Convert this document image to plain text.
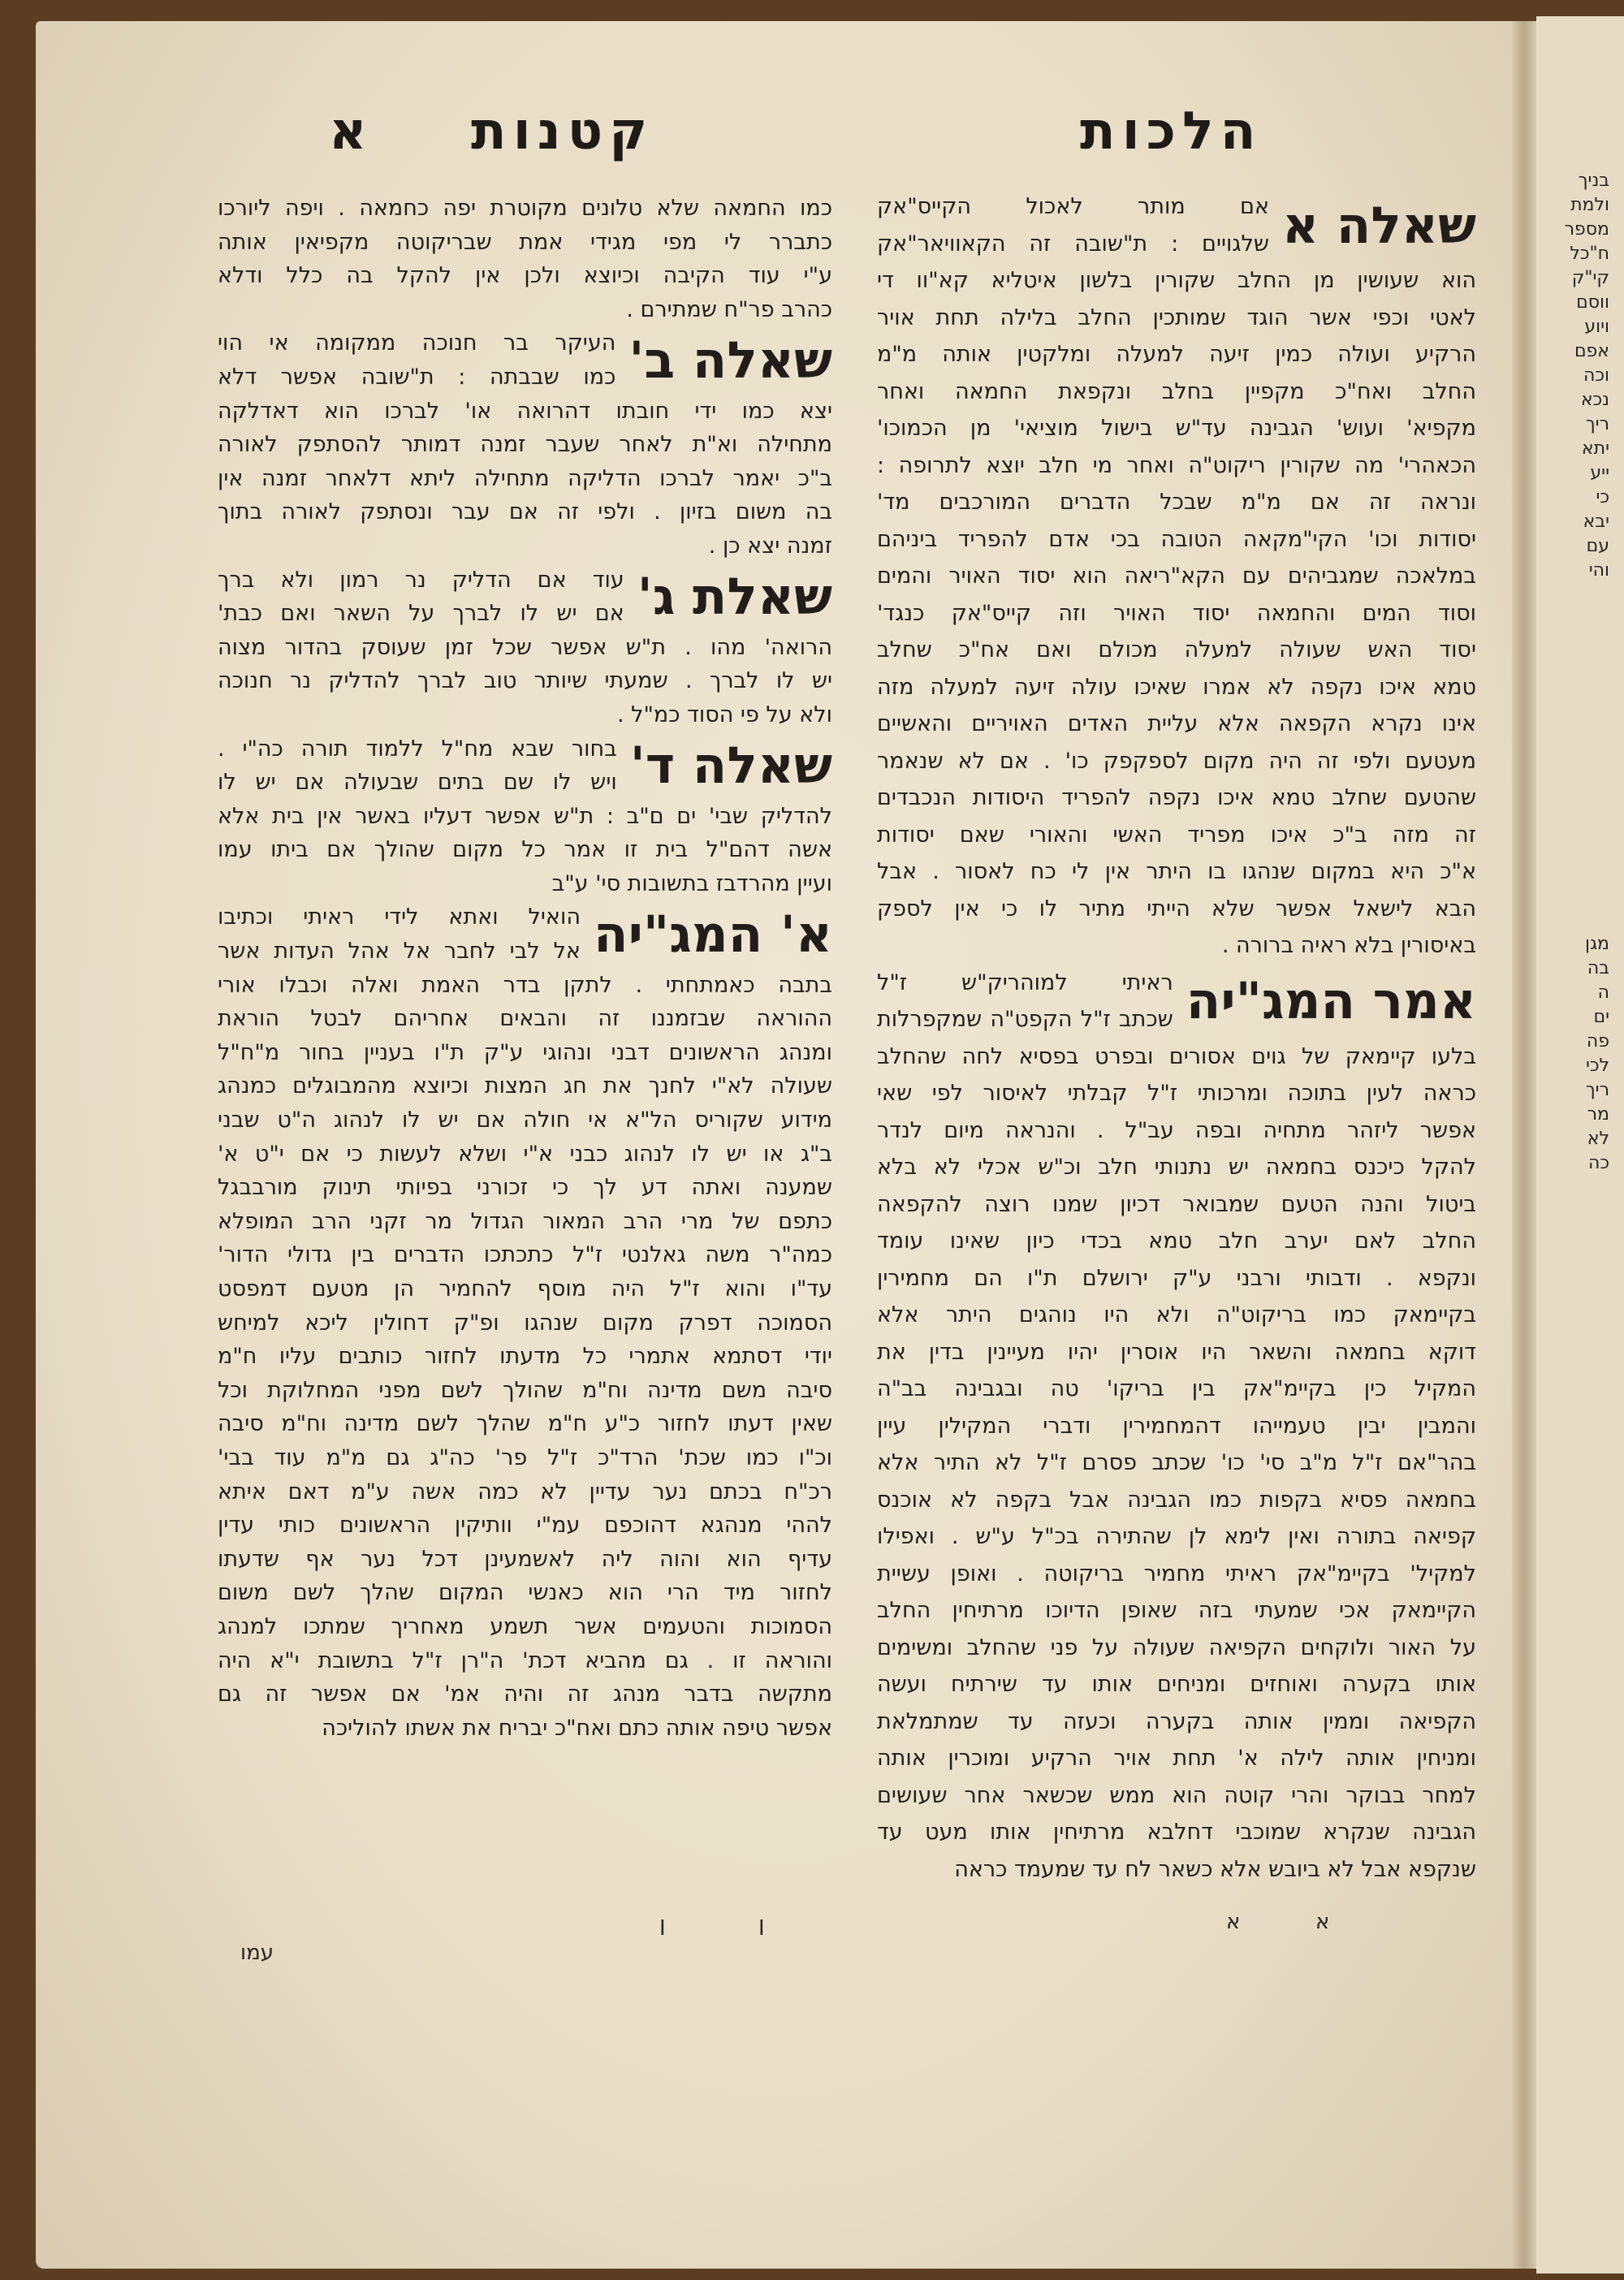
בניך
ולמת
מספר
ח"כל
קי"ק
ווסם
ויוע
אפם
וכה
נכא
ריך
יתא
ייע
כי
יבא
עם
והי
מגן
בה
ה
ים
פה
לכי
ריך
מר
לא
כה
הלכות
קטנות
א
שאלה א
אם מותר לאכול הקייס"אק
שלגויים : ת"שובה זה הקאוויאר"אק
הוא שעושין מן החלב שקורין בלשון איטליא קא"וו די
לאטי וכפי אשר הוגד שמותכין החלב בלילה תחת אויר
הרקיע ועולה כמין זיעה למעלה ומלקטין אותה מ"מ
החלב ואח"כ מקפיין בחלב ונקפאת החמאה ואחר
מקפיא' ועוש' הגבינה עד"ש בישול מוציאי' מן הכמוכו'
הכאהרי' מה שקורין ריקוט"ה ואחר מי חלב יוצא לתרופה :
ונראה זה אם מ"מ שבכל הדברים המורכבים מד'
יסודות וכו' הקי"מקאה הטובה בכי אדם להפריד ביניהם
במלאכה שמגביהים עם הקא"ריאה הוא יסוד האויר והמים
וסוד המים והחמאה יסוד האויר וזה קייס"אק כנגד'
יסוד האש שעולה למעלה מכולם ואם אח"כ שחלב
טמא איכו נקפה לא אמרו שאיכו עולה זיעה למעלה מזה
אינו נקרא הקפאה אלא עליית האדים האויריים והאשיים
מעטעם ולפי זה היה מקום לספקפק כו' . אם לא שנאמר
שהטעם שחלב טמא איכו נקפה להפריד היסודות הנכבדים
זה מזה ב"כ איכו מפריד האשי והאורי שאם יסודות
א"כ היא במקום שנהגו בו היתר אין לי כח לאסור . אבל
הבא לישאל אפשר שלא הייתי מתיר לו כי אין לספק
באיסורין בלא ראיה ברורה .
אמר המג"יה
ראיתי למוהריק"ש ז"ל
שכתב ז"ל הקפט"ה שמקפרלות
בלעו קיימאק של גוים אסורים ובפרט בפסיא לחה שהחלב
כראה לעין בתוכה ומרכותי ז"ל קבלתי לאיסור לפי שאי
אפשר ליזהר מתחיה ובפה עב"ל . והנראה מיום לנדר
להקל כיכנס בחמאה יש נתנותי חלב וכ"ש אכלי לא בלא
ביטול והנה הטעם שמבואר דכיון שמנו רוצה להקפאה
החלב לאם יערב חלב טמא בכדי כיון שאינו עומד
ונקפא . ודבותי ורבני ע"ק ירושלם ת"ו הם מחמירין
בקיימאק כמו בריקוט"ה ולא היו נוהגים היתר אלא
דוקא בחמאה והשאר היו אוסרין יהיו מעיינין בדין את
המקיל כין בקיימ"אק בין בריקו' טה ובגבינה בב"ה
והמבין יבין טעמייהו דהמחמירין ודברי המקילין עיין
בהר"אם ז"ל מ"ב סי' כו' שכתב פסרם ז"ל לא התיר אלא
בחמאה פסיא בקפות כמו הגבינה אבל בקפה לא אוכנס
קפיאה בתורה ואין לימא לן שהתירה בכ"ל ע"ש . ואפילו
למקיל' בקיימ"אק ראיתי מחמיר בריקוטה . ואופן עשיית
הקיימאק אכי שמעתי בזה שאופן הדיוכו מרתיחין החלב
על האור ולוקחים הקפיאה שעולה על פני שהחלב ומשימים
אותו בקערה ואוחזים ומניחים אותו עד שירתיח ועשה
הקפיאה וממין אותה בקערה וכעזה עד שמתמלאת
ומניחין אותה לילה א' תחת אויר הרקיע ומוכרין אותה
למחר בבוקר והרי קוטה הוא ממש שכשאר אחר שעושים
הגבינה שנקרא שמוכבי דחלבא מרתיחין אותו מעט עד
שנקפא אבל לא ביובש אלא כשאר לח עד שמעמד כראה
כמו החמאה שלא טלונים מקוטרת יפה כחמאה . ויפה ליורכו
כתברר לי מפי מגידי אמת שבריקוטה מקפיאין אותה
ע"י עוד הקיבה וכיוצא ולכן אין להקל בה כלל ודלא
כהרב פר"ח שמתירם .
שאלה ב'
העיקר בר חנוכה ממקומה אי הוי
כמו שבבתה : ת"שובה אפשר דלא
יצא כמו ידי חובתו דהרואה או' לברכו הוא דאדלקה
מתחילה וא"ת לאחר שעבר זמנה דמותר להסתפק לאורה
ב"כ יאמר לברכו הדליקה מתחילה ליתא דלאחר זמנה אין
בה משום בזיון . ולפי זה אם עבר ונסתפק לאורה בתוך
זמנה יצא כן .
שאלת ג'
עוד אם הדליק נר רמון ולא ברך
אם יש לו לברך על השאר ואם כבת'
הרואה' מהו . ת"ש אפשר שכל זמן שעוסק בהדור מצוה
יש לו לברך . שמעתי שיותר טוב לברך להדליק נר חנוכה
ולא על פי הסוד כמ"ל .
שאלה ד'
בחור שבא מח"ל ללמוד תורה כה"י .
ויש לו שם בתים שבעולה אם יש לו
להדליק שבי' ים ם"ב : ת"ש אפשר דעליו באשר אין בית אלא
אשה דהם"ל בית זו אמר כל מקום שהולך אם ביתו עמו
ועיין מהרדבז בתשובות סי' ע"ב
א' המג"יה
הואיל ואתא לידי ראיתי וכתיבו
אל לבי לחבר אל אהל העדות אשר
בתבה כאמתחתי . לתקן בדר האמת ואלה וכבלו אורי
ההוראה שבזמננו זה והבאים אחריהם לבטל הוראת
ומנהג הראשונים דבני ונהוגי ע"ק ת"ו בעניין בחור מ"ח"ל
שעולה לא"י לחנך את חג המצות וכיוצא מהמבוגלים כמנהג
מידוע שקוריס הל"א אי חולה אם יש לו לנהוג ה"ט שבני
ב"ג או יש לו לנהוג כבני א"י ושלא לעשות כי אם י"ט א'
שמענה ואתה דע לך כי זכורני בפיותי תינוק מורבבגל
כתפם של מרי הרב המאור הגדול מר זקני הרב המופלא
כמה"ר משה גאלנטי ז"ל כתכתכו הדברים בין גדולי הדור'
עד"ו והוא ז"ל היה מוסף להחמיר הן מטעם דמפסט
הסמוכה דפרק מקום שנהגו ופ"ק דחולין ליכא למיחש
יודי דסתמא אתמרי כל מדעתו לחזור כותבים עליו ח"מ
סיבה משם מדינה וח"מ שהולך לשם מפני המחלוקת וכל
שאין דעתו לחזור כ"ע ח"מ שהלך לשם מדינה וח"מ סיבה
וכ"ו כמו שכת' הרד"כ ז"ל פר' כה"ג גם מ"מ עוד בבי'
רכ"ח בכתם נער עדיין לא כמה אשה ע"מ דאם איתא
לההי מנהגא דהוכפם עמ"י וותיקין הראשונים כותי עדין
עדיף הוא והוה ליה לאשמעינן דכל נער אף שדעתו
לחזור מיד הרי הוא כאנשי המקום שהלך לשם משום
הסמוכות והטעמים אשר תשמע מאחריך שמתכו למנהג
והוראה זו . גם מהביא דכת' ה"רן ז"ל בתשובת י"א היה
מתקשה בדבר מנהג זה והיה אמ' אם אפשר זה גם
אפשר טיפה אותה כתם ואח"כ יבריח את אשתו להוליכה
א	א
I	I
עמו
